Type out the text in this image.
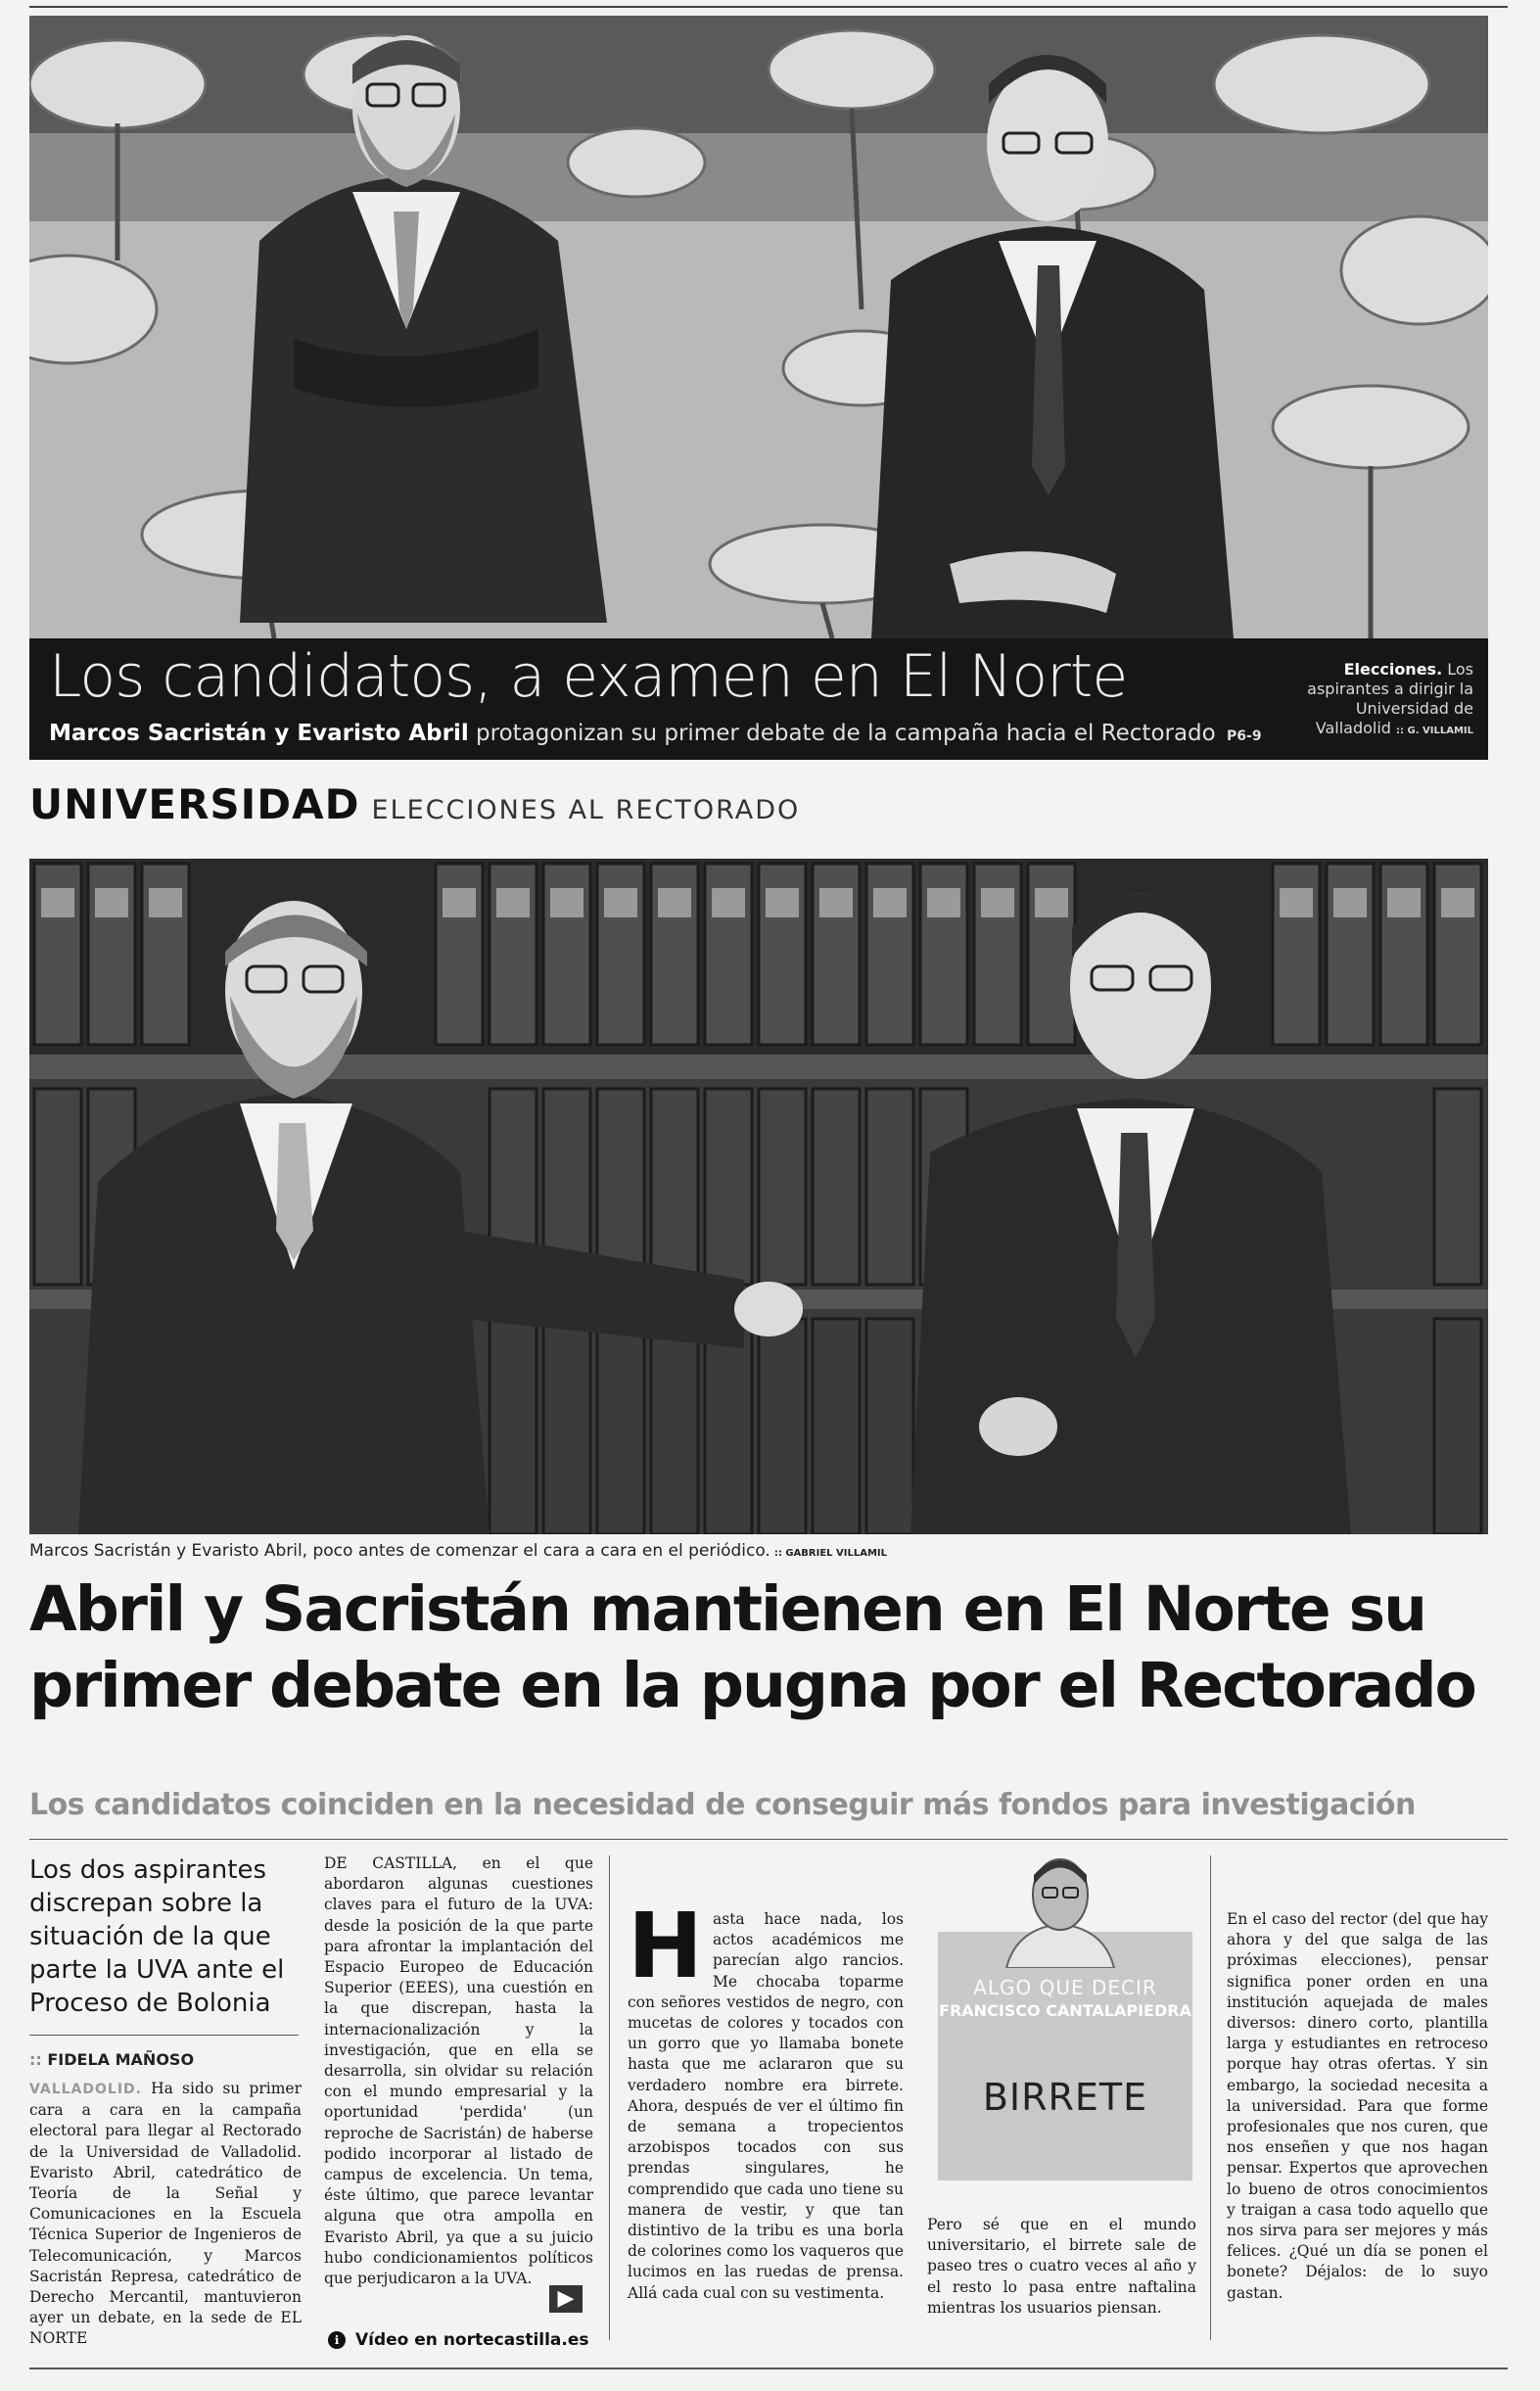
Los candidatos, a examen en El Norte
Marcos Sacristán y Evaristo Abril protagonizan su primer debate de la campaña hacia el Rectorado P6-9
Elecciones. Los aspirantes a dirigir la Universidad de Valladolid :: G. VILLAMIL
UNIVERSIDAD ELECCIONES AL RECTORADO
Marcos Sacristán y Evaristo Abril, poco antes de comenzar el cara a cara en el periódico. :: GABRIEL VILLAMIL
Abril y Sacristán mantienen en El Norte su primer debate en la pugna por el Rectorado
Los candidatos coinciden en la necesidad de conseguir más fondos para investigación
Los dos aspirantes discrepan sobre la situación de la que parte la UVA ante el Proceso de Bolonia
:: FIDELA MAÑOSO
VALLADOLID. Ha sido su primer cara a cara en la campaña electoral para llegar al Rectorado de la Universidad de Valladolid. Evaristo Abril, catedrático de Teoría de la Señal y Comunicaciones en la Escuela Técnica Superior de Ingenieros de Telecomunicación, y Marcos Sacristán Represa, catedrático de Derecho Mercantil, mantuvieron ayer un debate, en la sede de EL NORTE
DE CASTILLA, en el que abordaron algunas cuestiones claves para el futuro de la UVA: desde la posición de la que parte para afrontar la implantación del Espacio Europeo de Educación Superior (EEES), una cuestión en la que discrepan, hasta la internacionalización y la investigación, que en ella se desarrolla, sin olvidar su relación con el mundo empresarial y la oportunidad 'perdida' (un reproche de Sacristán) de haberse podido incorporar al listado de campus de excelencia. Un tema, éste último, que parece levantar alguna que otra ampolla en Evaristo Abril, ya que a su juicio hubo condicionamientos políticos que perjudicaron a la UVA.
▶
ℹ Vídeo en nortecastilla.es
Hasta hace nada, los actos académicos me parecían algo rancios. Me chocaba toparme con señores vestidos de negro, con mucetas de colores y tocados con un gorro que yo llamaba bonete hasta que me aclararon que su verdadero nombre era birrete. Ahora, después de ver el último fin de semana a tropecientos arzobispos tocados con sus prendas singulares, he comprendido que cada uno tiene su manera de vestir, y que tan distintivo de la tribu es una borla de colorines como los vaqueros que lucimos en las ruedas de prensa. Allá cada cual con su vestimenta.
ALGO QUE DECIR
FRANCISCO CANTALAPIEDRA
BIRRETE
Pero sé que en el mundo universitario, el birrete sale de paseo tres o cuatro veces al año y el resto lo pasa entre naftalina mientras los usuarios piensan.
En el caso del rector (del que hay ahora y del que salga de las próximas elecciones), pensar significa poner orden en una institución aquejada de males diversos: dinero corto, plantilla larga y estudiantes en retroceso porque hay otras ofertas. Y sin embargo, la sociedad necesita a la universidad. Para que forme profesionales que nos curen, que nos enseñen y que nos hagan pensar. Expertos que aprovechen lo bueno de otros conocimientos y traigan a casa todo aquello que nos sirva para ser mejores y más felices. ¿Qué un día se ponen el bonete? Déjalos: de lo suyo gastan.
